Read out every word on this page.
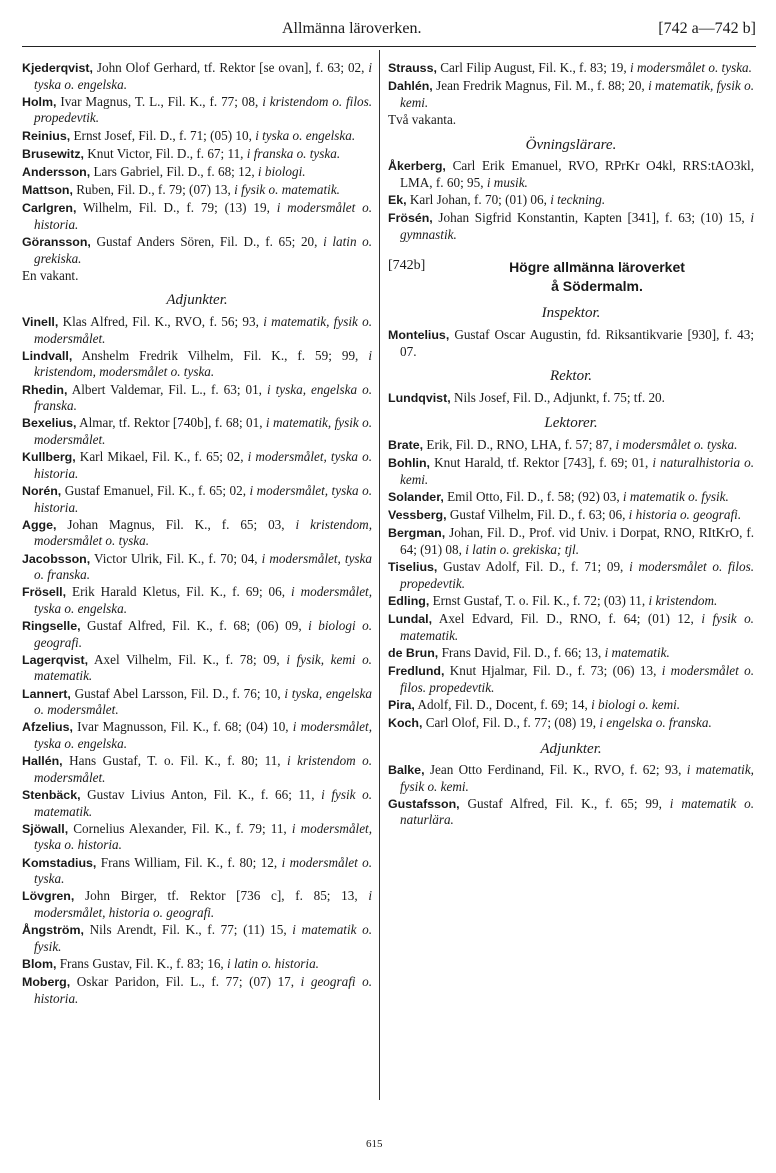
Allmänna läroverken.	[742 a—742 b]
Kjederqvist, John Olof Gerhard, tf. Rektor [se ovan], f. 63; 02, i tyska o. engelska.
Holm, Ivar Magnus, T. L., Fil. K., f. 77; 08, i kristendom o. filos. propedevtik.
Reinius, Ernst Josef, Fil. D., f. 71; (05) 10, i tyska o. engelska.
Brusewitz, Knut Victor, Fil. D., f. 67; 11, i franska o. tyska.
Andersson, Lars Gabriel, Fil. D., f. 68; 12, i biologi.
Mattson, Ruben, Fil. D., f. 79; (07) 13, i fysik o. matematik.
Carlgren, Wilhelm, Fil. D., f. 79; (13) 19, i modersmålet o. historia.
Göransson, Gustaf Anders Sören, Fil. D., f. 65; 20, i latin o. grekiska.
En vakant.
Adjunkter.
Vinell, Klas Alfred, Fil. K., RVO, f. 56; 93, i matematik, fysik o. modersmålet.
Lindvall, Anshelm Fredrik Vilhelm, Fil. K., f. 59; 99, i kristendom, modersmålet o. tyska.
Rhedin, Albert Valdemar, Fil. L., f. 63; 01, i tyska, engelska o. franska.
Bexelius, Almar, tf. Rektor [740b], f. 68; 01, i matematik, fysik o. modersmålet.
Kullberg, Karl Mikael, Fil. K., f. 65; 02, i modersmålet, tyska o. historia.
Norén, Gustaf Emanuel, Fil. K., f. 65; 02, i modersmålet, tyska o. historia.
Agge, Johan Magnus, Fil. K., f. 65; 03, i kristendom, modersmålet o. tyska.
Jacobsson, Victor Ulrik, Fil. K., f. 70; 04, i modersmålet, tyska o. franska.
Frösell, Erik Harald Kletus, Fil. K., f. 69; 06, i modersmålet, tyska o. engelska.
Ringselle, Gustaf Alfred, Fil. K., f. 68; (06) 09, i biologi o. geografi.
Lagerqvist, Axel Vilhelm, Fil. K., f. 78; 09, i fysik, kemi o. matematik.
Lannert, Gustaf Abel Larsson, Fil. D., f. 76; 10, i tyska, engelska o. modersmålet.
Afzelius, Ivar Magnusson, Fil. K., f. 68; (04) 10, i modersmålet, tyska o. engelska.
Hallén, Hans Gustaf, T. o. Fil. K., f. 80; 11, i kristendom o. modersmålet.
Stenbäck, Gustav Livius Anton, Fil. K., f. 66; 11, i fysik o. matematik.
Sjöwall, Cornelius Alexander, Fil. K., f. 79; 11, i modersmålet, tyska o. historia.
Komstadius, Frans William, Fil. K., f. 80; 12, i modersmålet o. tyska.
Lövgren, John Birger, tf. Rektor [736 c], f. 85; 13, i modersmålet, historia o. geografi.
Ångström, Nils Arendt, Fil. K., f. 77; (11) 15, i matematik o. fysik.
Blom, Frans Gustav, Fil. K., f. 83; 16, i latin o. historia.
Moberg, Oskar Paridon, Fil. L., f. 77; (07) 17, i geografi o. historia.
Strauss, Carl Filip August, Fil. K., f. 83; 19, i modersmålet o. tyska.
Dahlén, Jean Fredrik Magnus, Fil. M., f. 88; 20, i matematik, fysik o. kemi.
Två vakanta.
Övningslärare.
Åkerberg, Carl Erik Emanuel, RVO, RPrKr O4kl, RRS:tAO3kl, LMA, f. 60; 95, i musik.
Ek, Karl Johan, f. 70; (01) 06, i teckning.
Frösén, Johan Sigfrid Konstantin, Kapten [341], f. 63; (10) 15, i gymnastik.
[742b]	Högre allmänna läroverket
å Södermalm.
Inspektor.
Montelius, Gustaf Oscar Augustin, fd. Riksantikvarie [930], f. 43; 07.
Rektor.
Lundqvist, Nils Josef, Fil. D., Adjunkt, f. 75; tf. 20.
Lektorer.
Brate, Erik, Fil. D., RNO, LHA, f. 57; 87, i modersmålet o. tyska.
Bohlin, Knut Harald, tf. Rektor [743], f. 69; 01, i naturalhistoria o. kemi.
Solander, Emil Otto, Fil. D., f. 58; (92) 03, i matematik o. fysik.
Vessberg, Gustaf Vilhelm, Fil. D., f. 63; 06, i historia o. geografi.
Bergman, Johan, Fil. D., Prof. vid Univ. i Dorpat, RNO, RItKrO, f. 64; (91) 08, i latin o. grekiska; tjl.
Tiselius, Gustav Adolf, Fil. D., f. 71; 09, i modersmålet o. filos. propedevtik.
Edling, Ernst Gustaf, T. o. Fil. K., f. 72; (03) 11, i kristendom.
Lundal, Axel Edvard, Fil. D., RNO, f. 64; (01) 12, i fysik o. matematik.
de Brun, Frans David, Fil. D., f. 66; 13, i matematik.
Fredlund, Knut Hjalmar, Fil. D., f. 73; (06) 13, i modersmålet o. filos. propedevtik.
Pira, Adolf, Fil. D., Docent, f. 69; 14, i biologi o. kemi.
Koch, Carl Olof, Fil. D., f. 77; (08) 19, i engelska o. franska.
Adjunkter.
Balke, Jean Otto Ferdinand, Fil. K., RVO, f. 62; 93, i matematik, fysik o. kemi.
Gustafsson, Gustaf Alfred, Fil. K., f. 65; 99, i matematik o. naturlära.
615
